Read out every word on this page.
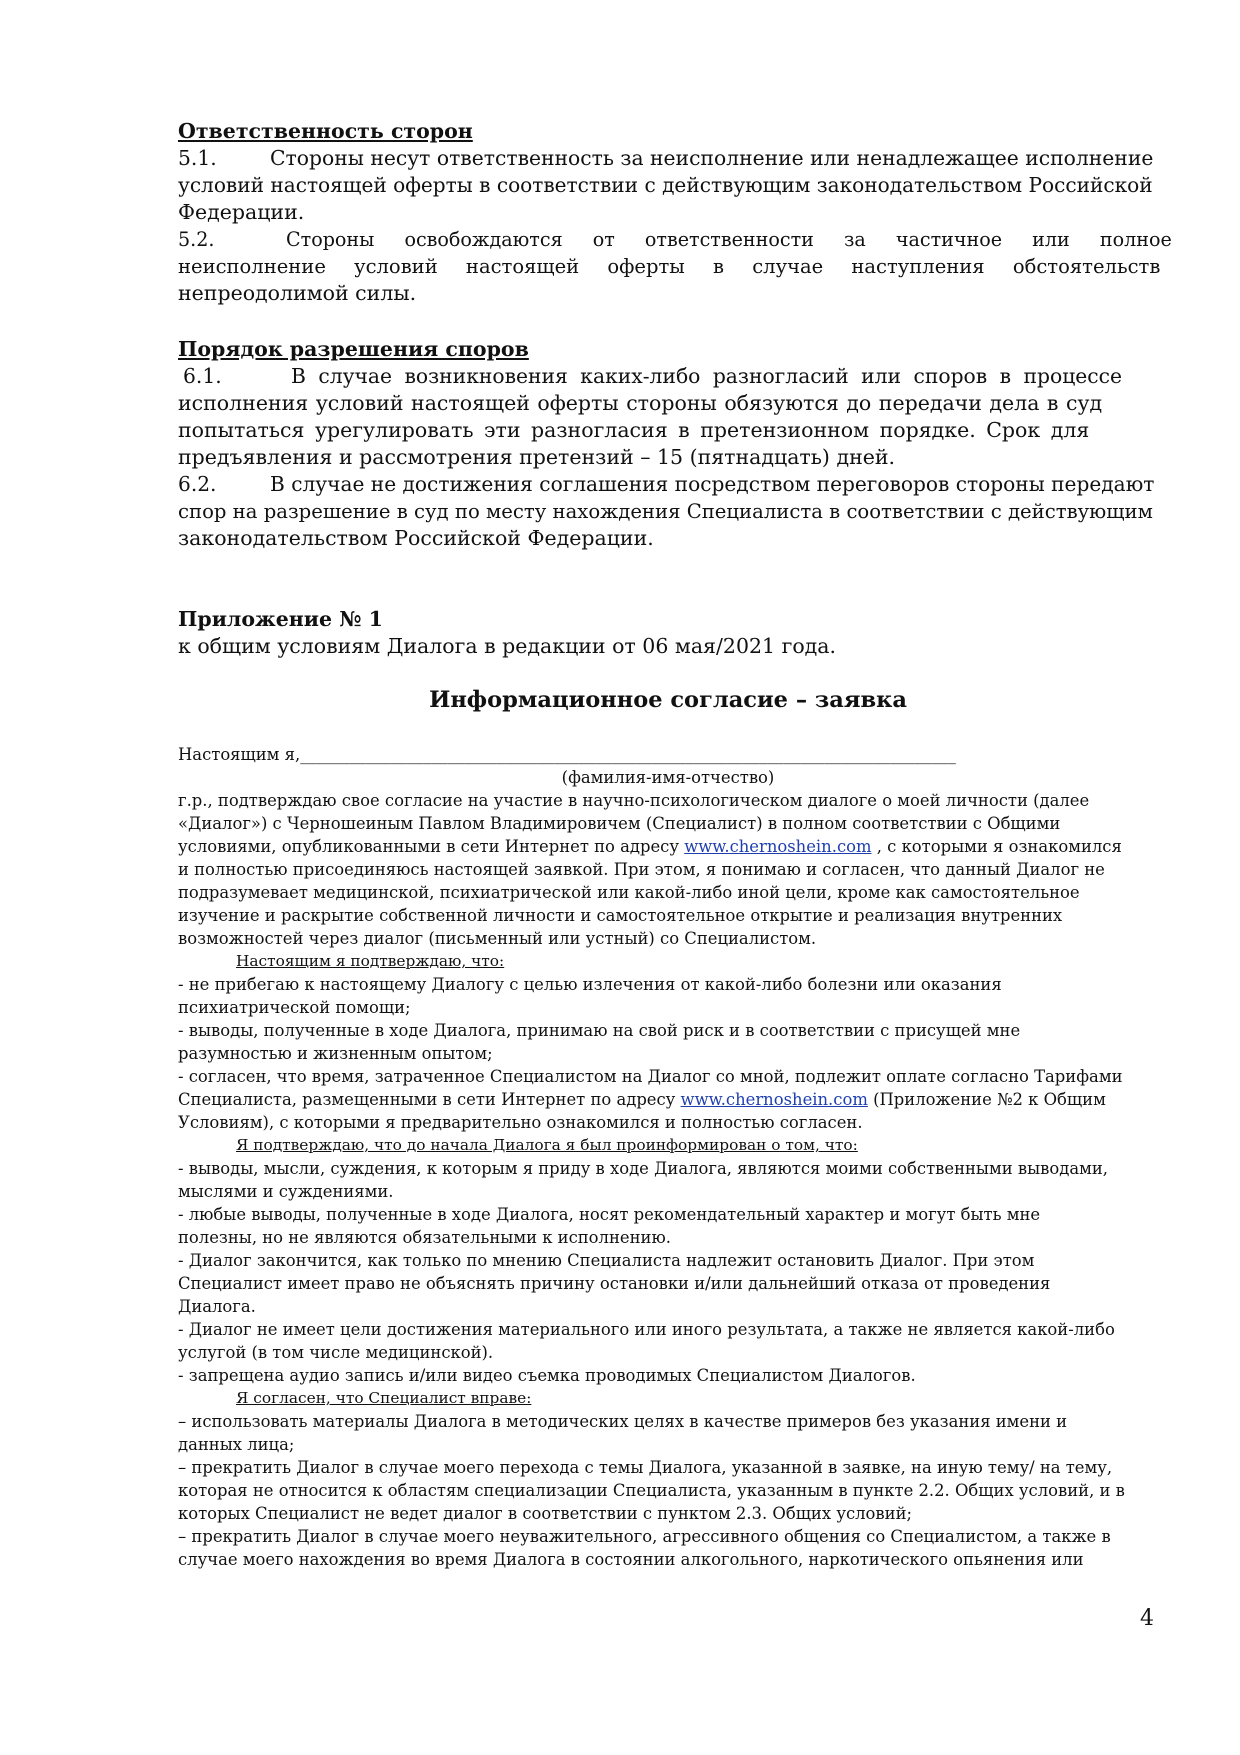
Ответственность сторон

5.1.	Стороны несут ответственность за неисполнение или ненадлежащее исполнение

условий настоящей оферты в соответствии с действующим законодательством Российской

Федерации.

5.2.	Стороны освобождаются от ответственности за частичное или полное

неисполнение условий настоящей оферты в случае наступления обстоятельств

непреодолимой силы.

Порядок разрешения споров

6.1.	В случае возникновения каких-либо разногласий или споров в процессе

исполнения условий настоящей оферты стороны обязуются до передачи дела в суд

попытаться урегулировать эти разногласия в претензионном порядке. Срок для

предъявления и рассмотрения претензий – 15 (пятнадцать) дней.

6.2.	В случае не достижения соглашения посредством переговоров стороны передают

спор на разрешение в суд по месту нахождения Специалиста в соответствии с действующим

законодательством Российской Федерации.

Приложение № 1

к общим условиям Диалога в редакции от 06 мая/2021 года.

Информационное согласие – заявка

Настоящим я,________________________________________________________________________________

(фамилия-имя-отчество)

г.р., подтверждаю свое согласие на участие в научно-психологическом диалоге о моей личности (далее

«Диалог») с Черношеиным Павлом Владимировичем (Специалист) в полном соответствии с Общими

условиями, опубликованными в сети Интернет по адресу www.chernoshein.com , с которыми я ознакомился

и полностью присоединяюсь настоящей заявкой. При этом, я понимаю и согласен, что данный Диалог не

подразумевает медицинской, психиатрической или какой-либо иной цели, кроме как самостоятельное

изучение и раскрытие собственной личности и самостоятельное открытие и реализация внутренних

возможностей через диалог (письменный или устный) со Специалистом.

Настоящим я подтверждаю, что:

- не прибегаю к настоящему Диалогу с целью излечения от какой-либо болезни или оказания

психиатрической помощи;

- выводы, полученные в ходе Диалога, принимаю на свой риск и в соответствии с присущей мне

разумностью и жизненным опытом;

- согласен, что время, затраченное Специалистом на Диалог со мной, подлежит оплате согласно Тарифами

Специалиста, размещенными в сети Интернет по адресу www.chernoshein.com (Приложение №2 к Общим

Условиям), с которыми я предварительно ознакомился и полностью согласен.

Я подтверждаю, что до начала Диалога я был проинформирован о том, что:

- выводы, мысли, суждения, к которым я приду в ходе Диалога, являются моими собственными выводами,

мыслями и суждениями.

- любые выводы, полученные в ходе Диалога, носят рекомендательный характер и могут быть мне

полезны, но не являются обязательными к исполнению.

- Диалог закончится, как только по мнению Специалиста надлежит остановить Диалог. При этом

Специалист имеет право не объяснять причину остановки и/или дальнейший отказа от проведения

Диалога.

- Диалог не имеет цели достижения материального или иного результата, а также не является какой-либо

услугой (в том числе медицинской).

- запрещена аудио запись и/или видео съемка проводимых Специалистом Диалогов.

Я согласен, что Специалист вправе:

– использовать материалы Диалога в методических целях в качестве примеров без указания имени и

данных лица;

– прекратить Диалог в случае моего перехода с темы Диалога, указанной в заявке, на иную тему/ на тему,

которая не относится к областям специализации Специалиста, указанным в пункте 2.2. Общих условий, и в

которых Специалист не ведет диалог в соответствии с пунктом 2.3. Общих условий;

– прекратить Диалог в случае моего неуважительного, агрессивного общения со Специалистом, а также в

случае моего нахождения во время Диалога в состоянии алкогольного, наркотического опьянения или

4
